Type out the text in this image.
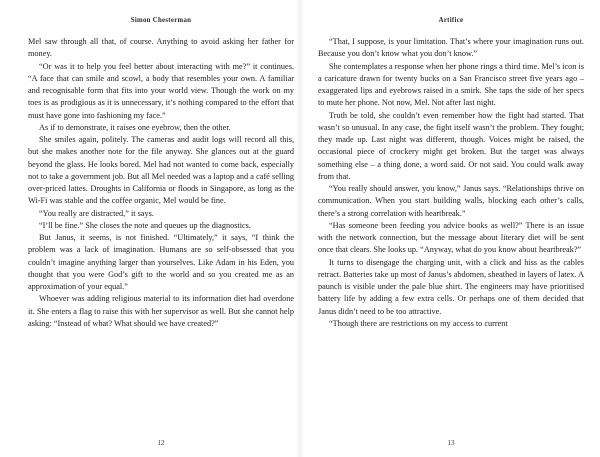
Simon Chesterman

Mel saw through all that, of course. Anything to avoid asking her father for money.

“Or was it to help you feel better about interacting with me?” it continues. “A face that can smile and scowl, a body that resembles your own. A familiar and recognisable form that fits into your world view. Though the work on my toes is as prodigious as it is unnecessary, it’s nothing compared to the effort that must have gone into fashioning my face.”

As if to demonstrate, it raises one eyebrow, then the other.

She smiles again, politely. The cameras and audit logs will record all this, but she makes another note for the file anyway. She glances out at the guard beyond the glass. He looks bored. Mel had not wanted to come back, especially not to take a government job. But all Mel needed was a laptop and a café selling over-priced lattes. Droughts in California or floods in Singapore, as long as the Wi-Fi was stable and the coffee organic, Mel would be fine.

“You really are distracted,” it says.

“I’ll be fine.” She closes the note and queues up the diagnostics.

But Janus, it seems, is not finished. “Ultimately,” it says, “I think the problem was a lack of imagination. Humans are so self-obsessed that you couldn’t imagine anything larger than yourselves. Like Adam in his Eden, you thought that you were God’s gift to the world and so you created me as an approximation of your equal.”

Whoever was adding religious material to its information diet had overdone it. She enters a flag to raise this with her supervisor as well. But she cannot help asking: “Instead of what? What should we have created?”

12
Artifice

“That, I suppose, is your limitation. That’s where your imagination runs out. Because you don’t know what you don’t know.”

She contemplates a response when her phone rings a third time. Mel’s icon is a caricature drawn for twenty bucks on a San Francisco street five years ago – exaggerated lips and eyebrows raised in a smirk. She taps the side of her specs to mute her phone. Not now, Mel. Not after last night.

Truth be told, she couldn’t even remember how the fight had started. That wasn’t so unusual. In any case, the fight itself wasn’t the problem. They fought; they made up. Last night was different, though. Voices might be raised, the occasional piece of crockery might get broken. But the target was always something else – a thing done, a word said. Or not said. You could walk away from that.

“You really should answer, you know,” Janus says. “Relationships thrive on communication. When you start building walls, blocking each other’s calls, there’s a strong correlation with heartbreak.”

“Has someone been feeding you advice books as well?” There is an issue with the network connection, but the message about literary diet will be sent once that clears. She looks up. “Anyway, what do you know about heartbreak?”

It turns to disengage the charging unit, with a click and hiss as the cables retract. Batteries take up most of Janus’s abdomen, sheathed in layers of latex. A paunch is visible under the pale blue shirt. The engineers may have prioritised battery life by adding a few extra cells. Or perhaps one of them decided that Janus didn’t need to be too attractive.

“Though there are restrictions on my access to current

13
